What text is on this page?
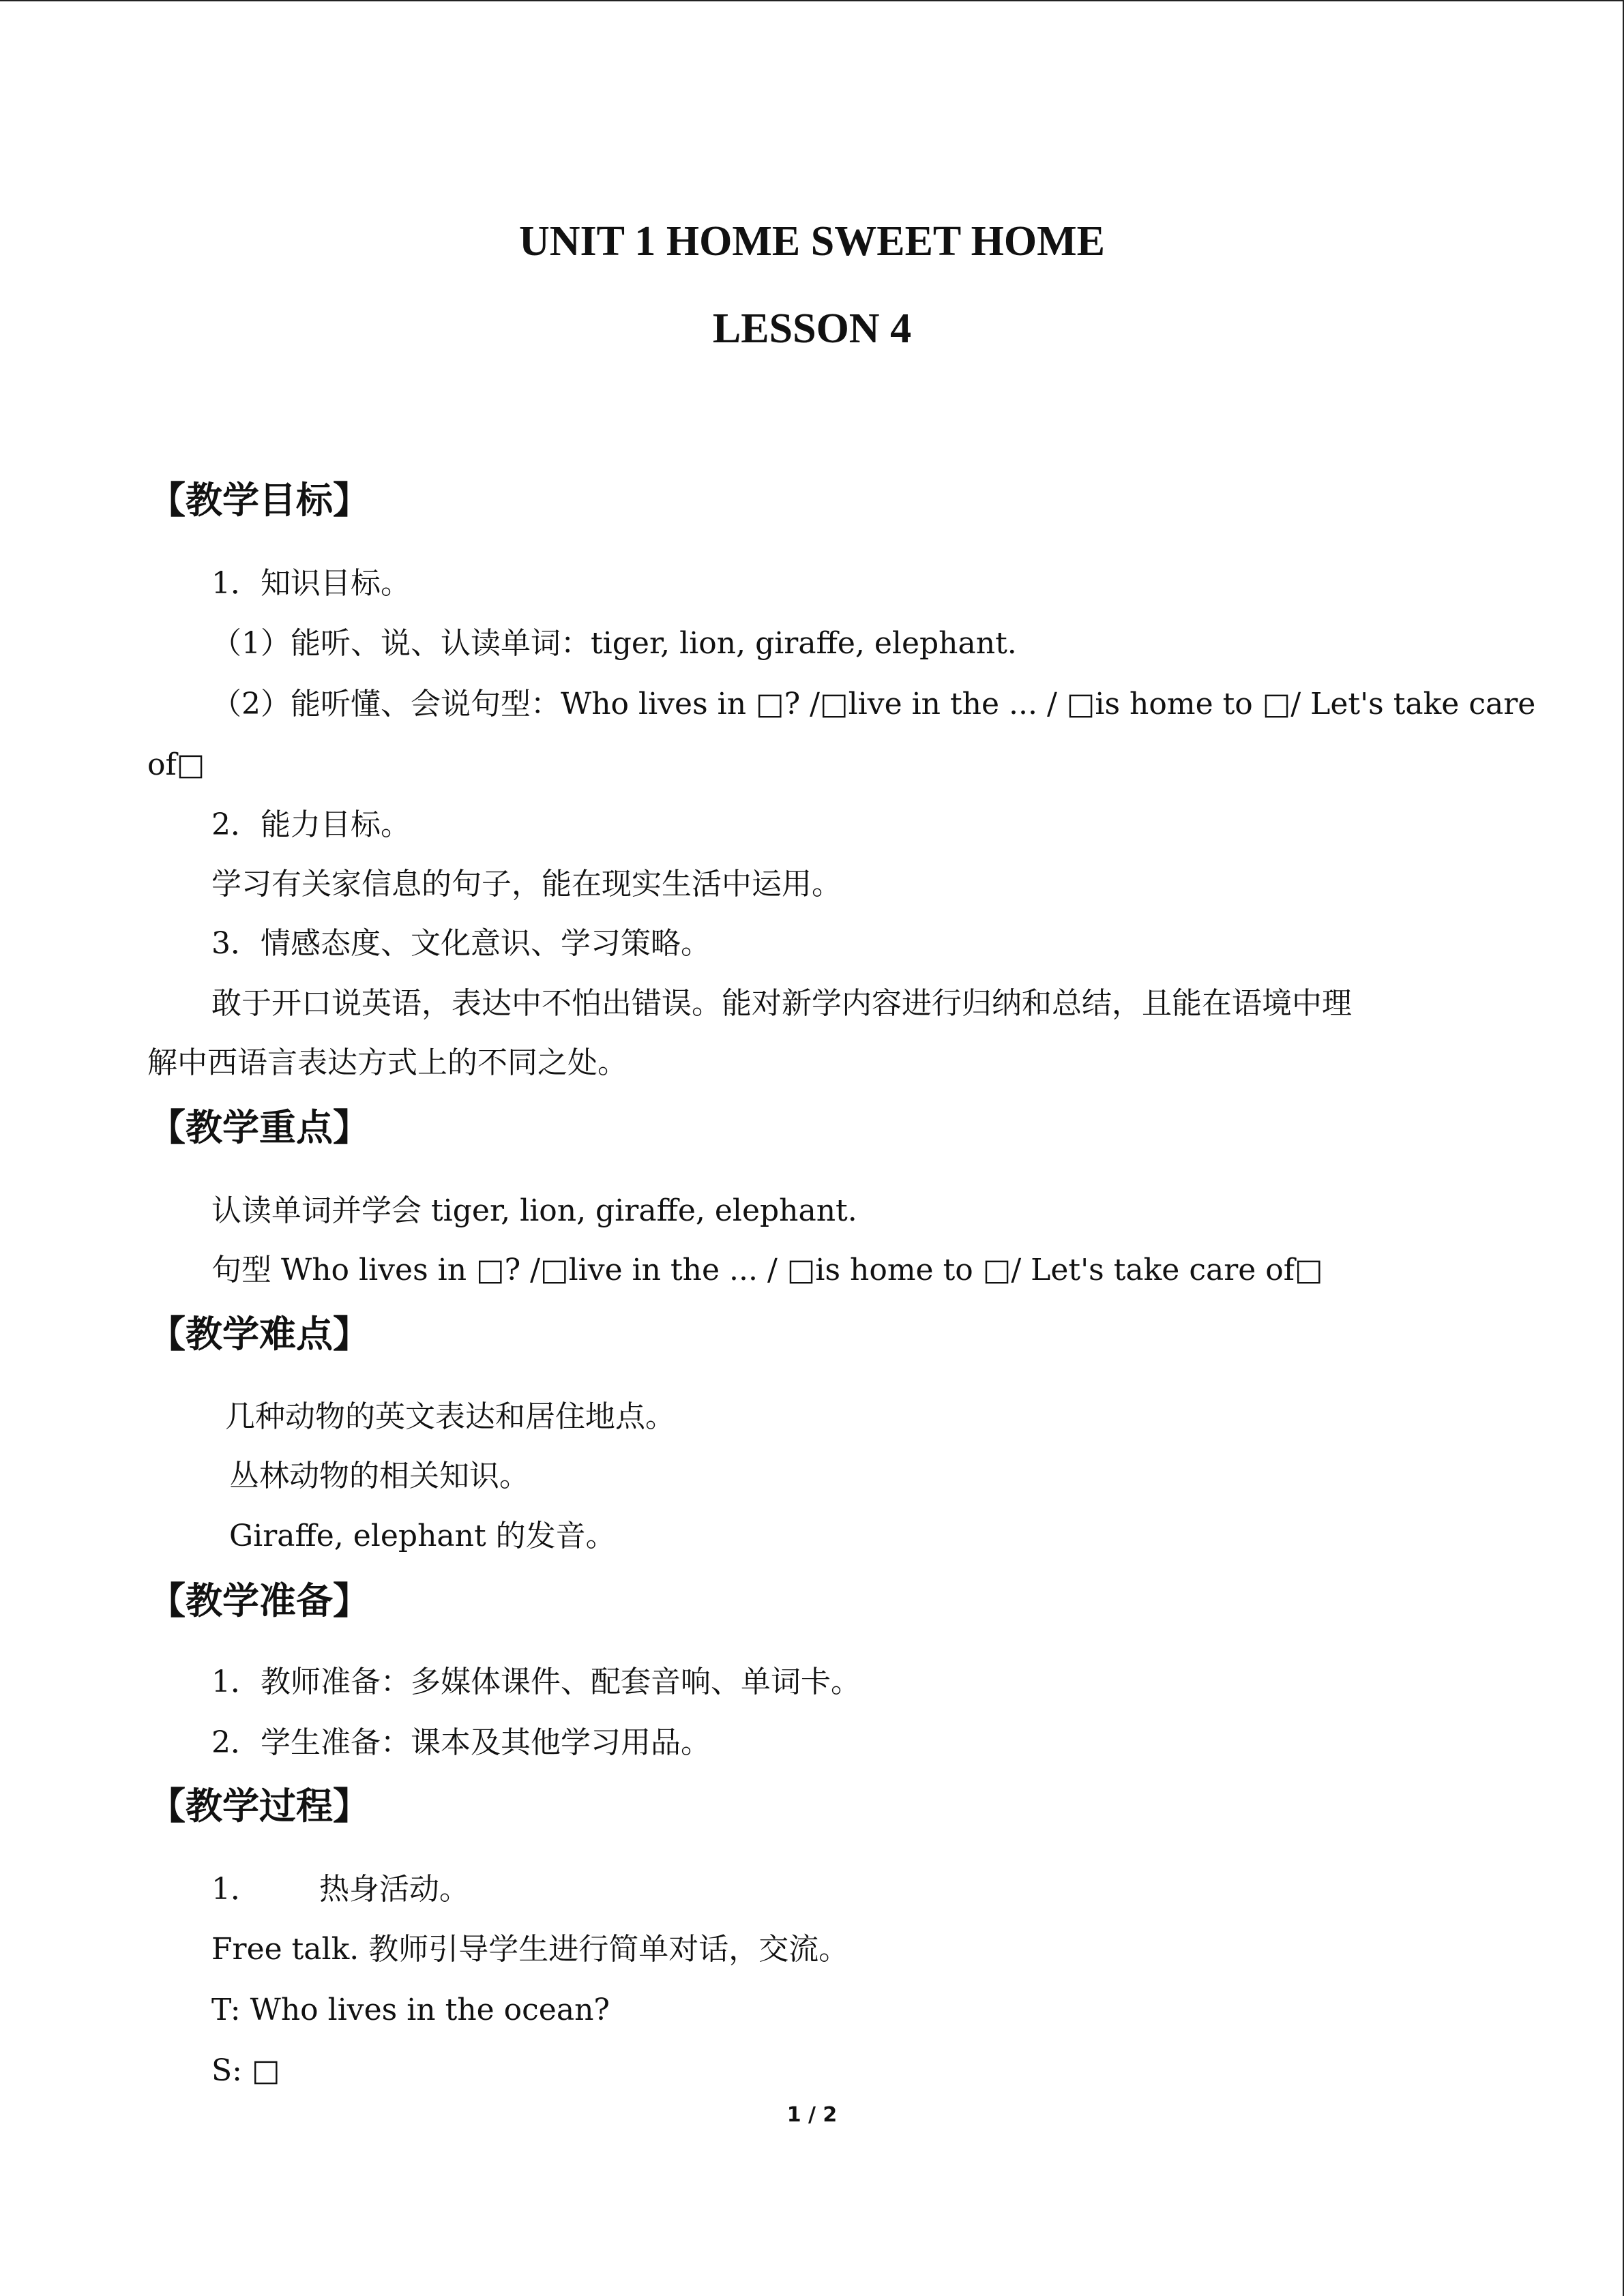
UNIT 1 HOME SWEET HOME
LESSON 4
【教学目标】
1．知识目标。
（1）能听、说、认读单词：tiger, lion, giraffe, elephant.
（2）能听懂、会说句型：Who lives in □? /□live in the ... / □is home to □/ Let's take care
of□
2．能力目标。
学习有关家信息的句子，能在现实生活中运用。
3．情感态度、文化意识、学习策略。
敢于开口说英语，表达中不怕出错误。能对新学内容进行归纳和总结，且能在语境中理
解中西语言表达方式上的不同之处。
【教学重点】
认读单词并学会 tiger, lion, giraffe, elephant.
句型 Who lives in □? /□live in the ... / □is home to □/ Let's take care of□
【教学难点】
几种动物的英文表达和居住地点。
丛林动物的相关知识。
Giraffe, elephant 的发音。
【教学准备】
1．教师准备：多媒体课件、配套音响、单词卡。
2．学生准备：课本及其他学习用品。
【教学过程】
1． 热身活动。
Free talk. 教师引导学生进行简单对话，交流。
T: Who lives in the ocean?
S: □
1 / 2
